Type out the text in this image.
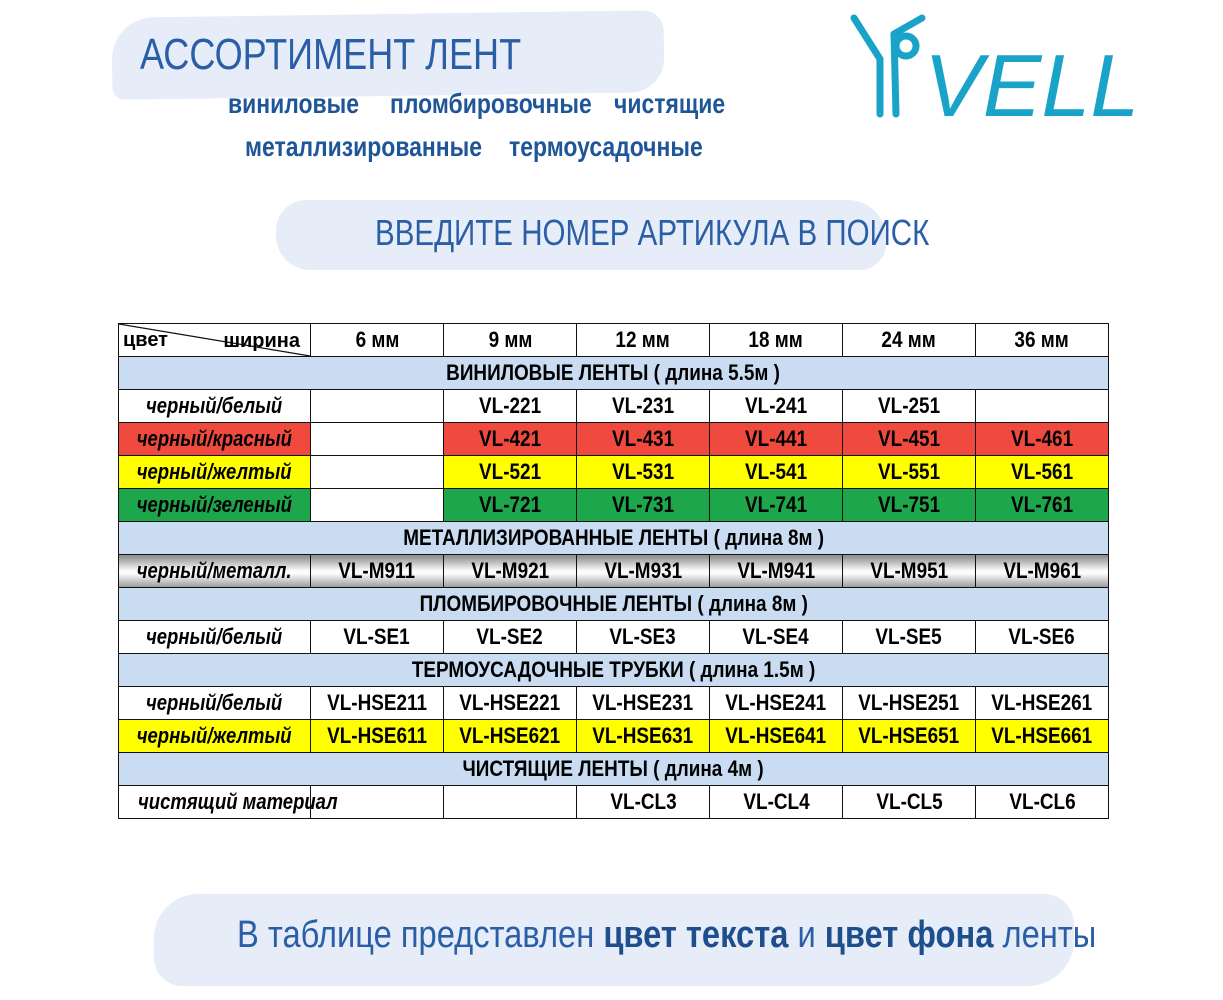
АССОРТИМЕНТ ЛЕНТ
виниловые пломбировочные чистящие
металлизированные термоусадочные
ВВЕДИТЕ НОМЕР АРТИКУЛА В ПОИСК
VELL
ширина
цвет	6 мм	9 мм	12 мм	18 мм	24 мм	36 мм
ВИНИЛОВЫЕ ЛЕНТЫ ( длина 5.5м )						
черный/белый		VL-221	VL-231	VL-241	VL-251	
черный/красный		VL-421	VL-431	VL-441	VL-451	VL-461
черный/желтый		VL-521	VL-531	VL-541	VL-551	VL-561
черный/зеленый		VL-721	VL-731	VL-741	VL-751	VL-761
МЕТАЛЛИЗИРОВАННЫЕ ЛЕНТЫ ( длина 8м )						
черный/металл.	VL-M911	VL-M921	VL-M931	VL-M941	VL-M951	VL-M961
ПЛОМБИРОВОЧНЫЕ ЛЕНТЫ ( длина 8м )						
черный/белый	VL-SE1	VL-SE2	VL-SE3	VL-SE4	VL-SE5	VL-SE6
ТЕРМОУСАДОЧНЫЕ ТРУБКИ ( длина 1.5м )						
черный/белый	VL-HSE211	VL-HSE221	VL-HSE231	VL-HSE241	VL-HSE251	VL-HSE261
черный/желтый	VL-HSE611	VL-HSE621	VL-HSE631	VL-HSE641	VL-HSE651	VL-HSE661
ЧИСТЯЩИЕ ЛЕНТЫ ( длина 4м )						
чистящий материал			VL-CL3	VL-CL4	VL-CL5	VL-CL6
В таблице представлен цвет текста и цвет фона ленты
